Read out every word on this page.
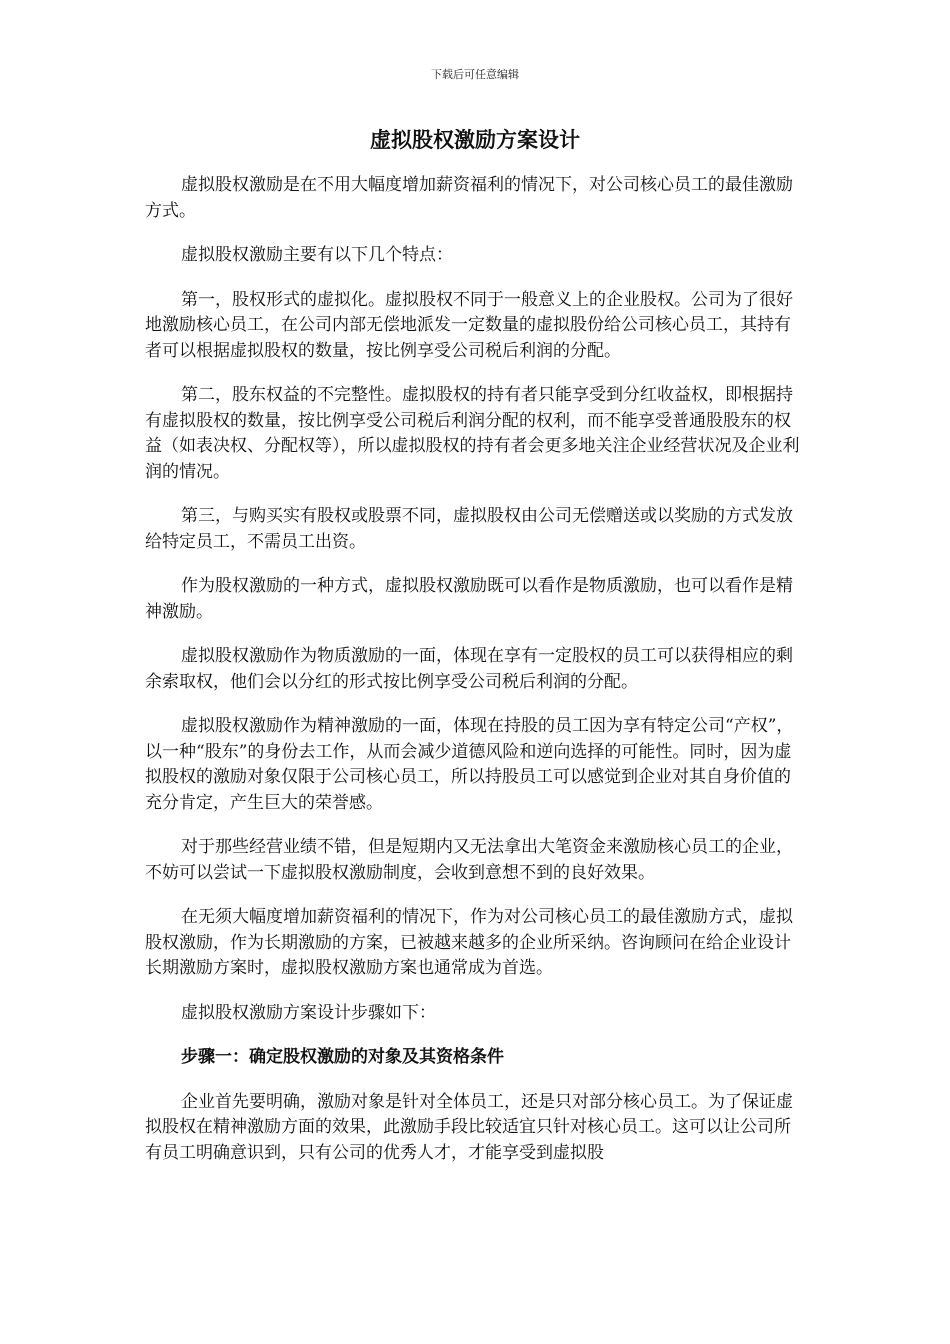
下载后可任意编辑
虚拟股权激励方案设计

虚拟股权激励是在不用大幅度增加薪资福利的情况下，对公司核心员工的最佳激励方式。

虚拟股权激励主要有以下几个特点：

第一，股权形式的虚拟化。虚拟股权不同于一般意义上的企业股权。公司为了很好地激励核心员工，在公司内部无偿地派发一定数量的虚拟股份给公司核心员工，其持有者可以根据虚拟股权的数量，按比例享受公司税后利润的分配。

第二，股东权益的不完整性。虚拟股权的持有者只能享受到分红收益权，即根据持有虚拟股权的数量，按比例享受公司税后利润分配的权利，而不能享受普通股股东的权益（如表决权、分配权等），所以虚拟股权的持有者会更多地关注企业经营状况及企业利润的情况。

第三，与购买实有股权或股票不同，虚拟股权由公司无偿赠送或以奖励的方式发放给特定员工，不需员工出资。

作为股权激励的一种方式，虚拟股权激励既可以看作是物质激励，也可以看作是精神激励。

虚拟股权激励作为物质激励的一面，体现在享有一定股权的员工可以获得相应的剩余索取权，他们会以分红的形式按比例享受公司税后利润的分配。

虚拟股权激励作为精神激励的一面，体现在持股的员工因为享有特定公司“产权”，以一种“股东”的身份去工作，从而会减少道德风险和逆向选择的可能性。同时，因为虚拟股权的激励对象仅限于公司核心员工，所以持股员工可以感觉到企业对其自身价值的充分肯定，产生巨大的荣誉感。

对于那些经营业绩不错，但是短期内又无法拿出大笔资金来激励核心员工的企业，不妨可以尝试一下虚拟股权激励制度，会收到意想不到的良好效果。

在无须大幅度增加薪资福利的情况下，作为对公司核心员工的最佳激励方式，虚拟股权激励，作为长期激励的方案，已被越来越多的企业所采纳。咨询顾问在给企业设计长期激励方案时，虚拟股权激励方案也通常成为首选。

虚拟股权激励方案设计步骤如下：

步骤一：确定股权激励的对象及其资格条件

企业首先要明确，激励对象是针对全体员工，还是只对部分核心员工。为了保证虚拟股权在精神激励方面的效果，此激励手段比较适宜只针对核心员工。这可以让公司所有员工明确意识到，只有公司的优秀人才，才能享受到虚拟股
